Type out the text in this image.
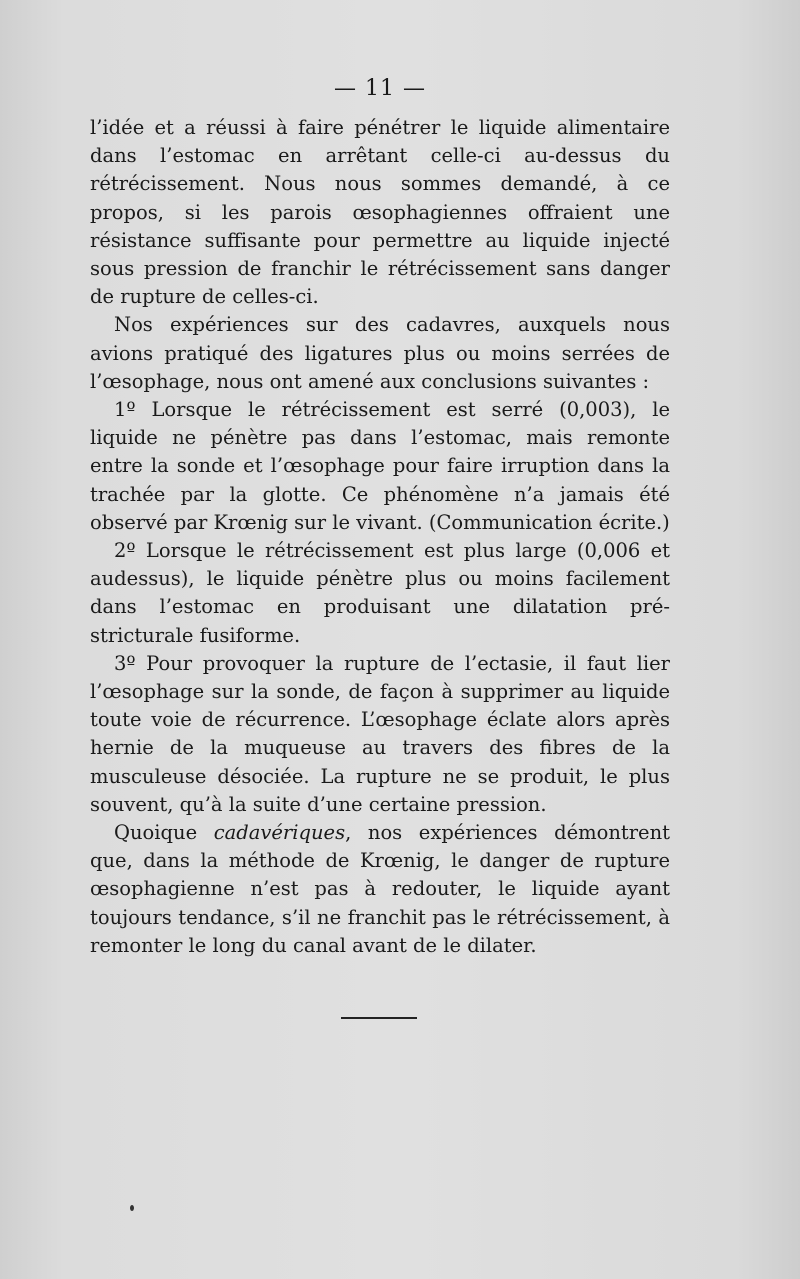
— 11 —

l’idée et a réussi à faire pénétrer le liquide alimentaire dans l’estomac en arrêtant celle-ci au-dessus du rétrécissement. Nous nous sommes demandé, à ce propos, si les parois œsophagiennes offraient une résistance suffisante pour permettre au liquide injecté sous pression de franchir le rétrécissement sans danger de rupture de celles-ci.

Nos expériences sur des cadavres, auxquels nous avions pratiqué des ligatures plus ou moins serrées de l’œsophage, nous ont amené aux conclusions suivantes :

1º Lorsque le rétrécissement est serré (0,003), le liquide ne pénètre pas dans l’estomac, mais remonte entre la sonde et l’œsophage pour faire irruption dans la trachée par la glotte. Ce phénomène n’a jamais été observé par Krœnig sur le vivant. (Communication écrite.)

2º Lorsque le rétrécissement est plus large (0,006 et audessus), le liquide pénètre plus ou moins facilement dans l’estomac en produisant une dilatation pré-stricturale fusiforme.

3º Pour provoquer la rupture de l’ectasie, il faut lier l’œsophage sur la sonde, de façon à supprimer au liquide toute voie de récurrence. L’œsophage éclate alors après hernie de la muqueuse au travers des fibres de la musculeuse désociée. La rupture ne se produit, le plus souvent, qu’à la suite d’une certaine pression.

Quoique cadavériques, nos expériences démontrent que, dans la méthode de Krœnig, le danger de rupture œsophagienne n’est pas à redouter, le liquide ayant toujours tendance, s’il ne franchit pas le rétrécissement, à remonter le long du canal avant de le dilater.
